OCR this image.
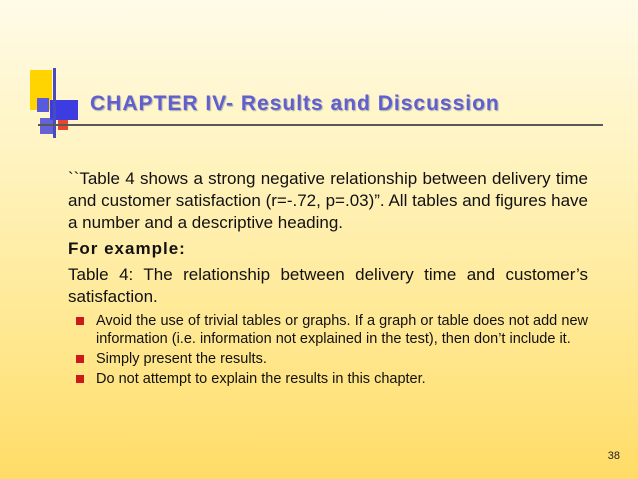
CHAPTER IV- Results and Discussion

``Table 4 shows a strong negative relationship between delivery time and customer satisfaction (r=-.72, p=.03)”. All tables and figures have a number and a descriptive heading.

For example:

Table 4: The relationship between delivery time and customer’s satisfaction.

Avoid the use of trivial tables or graphs. If a graph or table does not add new information (i.e. information not explained in the test), then don’t include it.
Simply present the results.
Do not attempt to explain the results in this chapter.
38
